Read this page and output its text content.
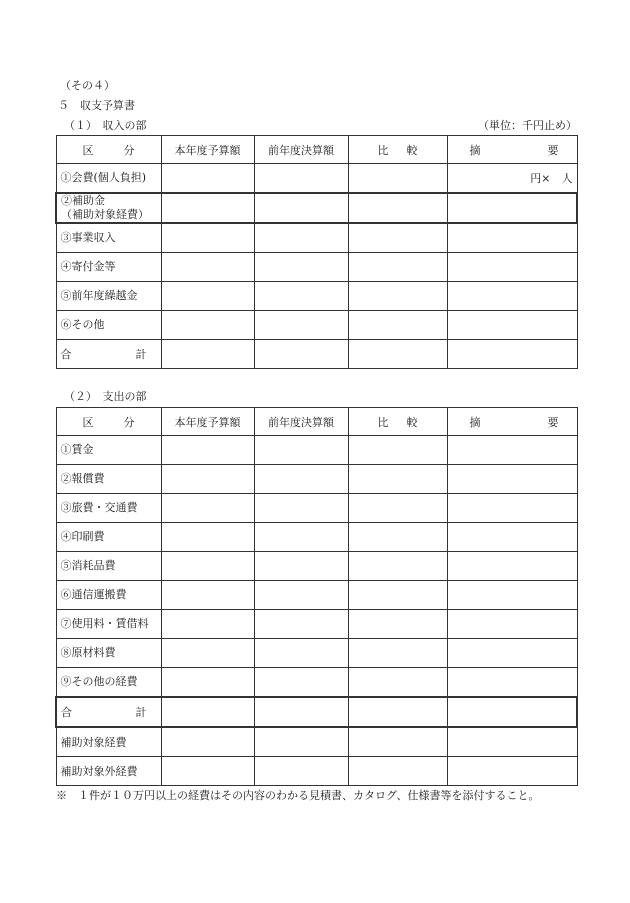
（その４）
５　収支予算書
（１）　収入の部	（単位：千円止め）
区 分	本年度予算額	前年度決算額	比 較	摘 要

①会費(個人負担)				円×　人
②補助金
（補助対象経費）				
③事業収入				
④寄付金等				
⑤前年度繰越金				
⑥その他				

合 計				

（２）　支出の部
区 分	本年度予算額	前年度決算額	比 較	摘 要

①賃金				
②報償費				
③旅費・交通費				
④印刷費				
⑤消耗品費				
⑥通信運搬費				
⑦使用料・賃借料				
⑧原材料費				
⑨その他の経費				

合 計				

補助対象経費				
補助対象外経費				
※　１件が１０万円以上の経費はその内容のわかる見積書、カタログ、仕様書等を添付すること。
